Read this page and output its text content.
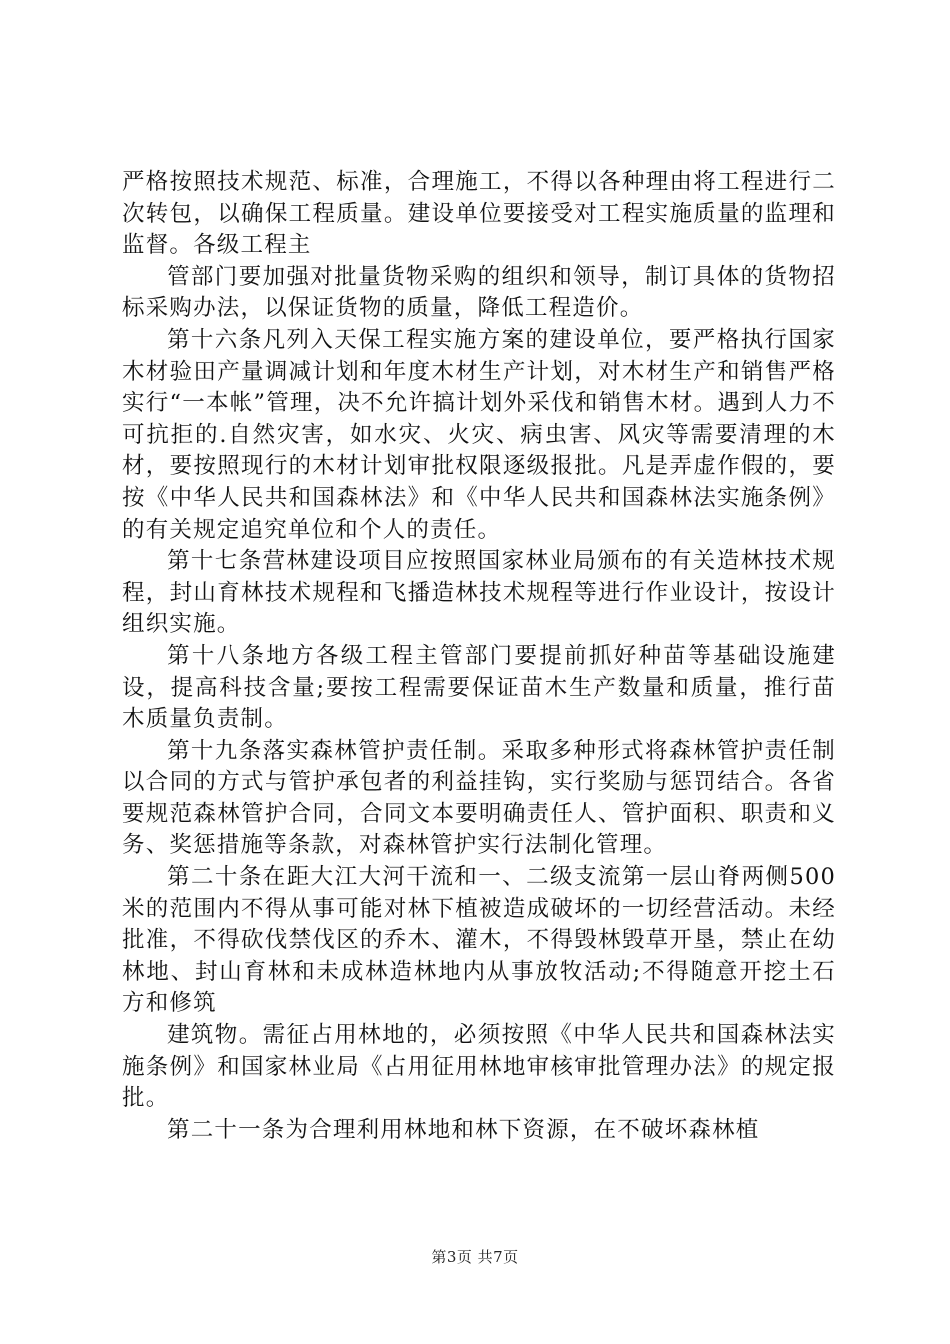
严格按照技术规范、标准，合理施工，不得以各种理由将工程进行二次转包，以确保工程质量。建设单位要接受对工程实施质量的监理和监督。各级工程主

管部门要加强对批量货物采购的组织和领导，制订具体的货物招标采购办法，以保证货物的质量，降低工程造价。

第十六条凡列入天保工程实施方案的建设单位，要严格执行国家木材验田产量调减计划和年度木材生产计划，对木材生产和销售严格实行“一本帐”管理，决不允许搞计划外采伐和销售木材。遇到人力不可抗拒的.自然灾害，如水灾、火灾、病虫害、风灾等需要清理的木材，要按照现行的木材计划审批权限逐级报批。凡是弄虚作假的，要按《中华人民共和国森林法》和《中华人民共和国森林法实施条例》的有关规定追究单位和个人的责任。

第十七条营林建设项目应按照国家林业局颁布的有关造林技术规程，封山育林技术规程和飞播造林技术规程等进行作业设计，按设计组织实施。

第十八条地方各级工程主管部门要提前抓好种苗等基础设施建设，提高科技含量;要按工程需要保证苗木生产数量和质量，推行苗木质量负责制。

第十九条落实森林管护责任制。采取多种形式将森林管护责任制以合同的方式与管护承包者的利益挂钩，实行奖励与惩罚结合。各省要规范森林管护合同，合同文本要明确责任人、管护面积、职责和义务、奖惩措施等条款，对森林管护实行法制化管理。

第二十条在距大江大河干流和一、二级支流第一层山脊两侧500米的范围内不得从事可能对林下植被造成破坏的一切经营活动。未经批准，不得砍伐禁伐区的乔木、灌木，不得毁林毁草开垦，禁止在幼林地、封山育林和未成林造林地内从事放牧活动;不得随意开挖土石方和修筑

建筑物。需征占用林地的，必须按照《中华人民共和国森林法实施条例》和国家林业局《占用征用林地审核审批管理办法》的规定报批。

第二十一条为合理利用林地和林下资源，在不破坏森林植

第3页 共7页
